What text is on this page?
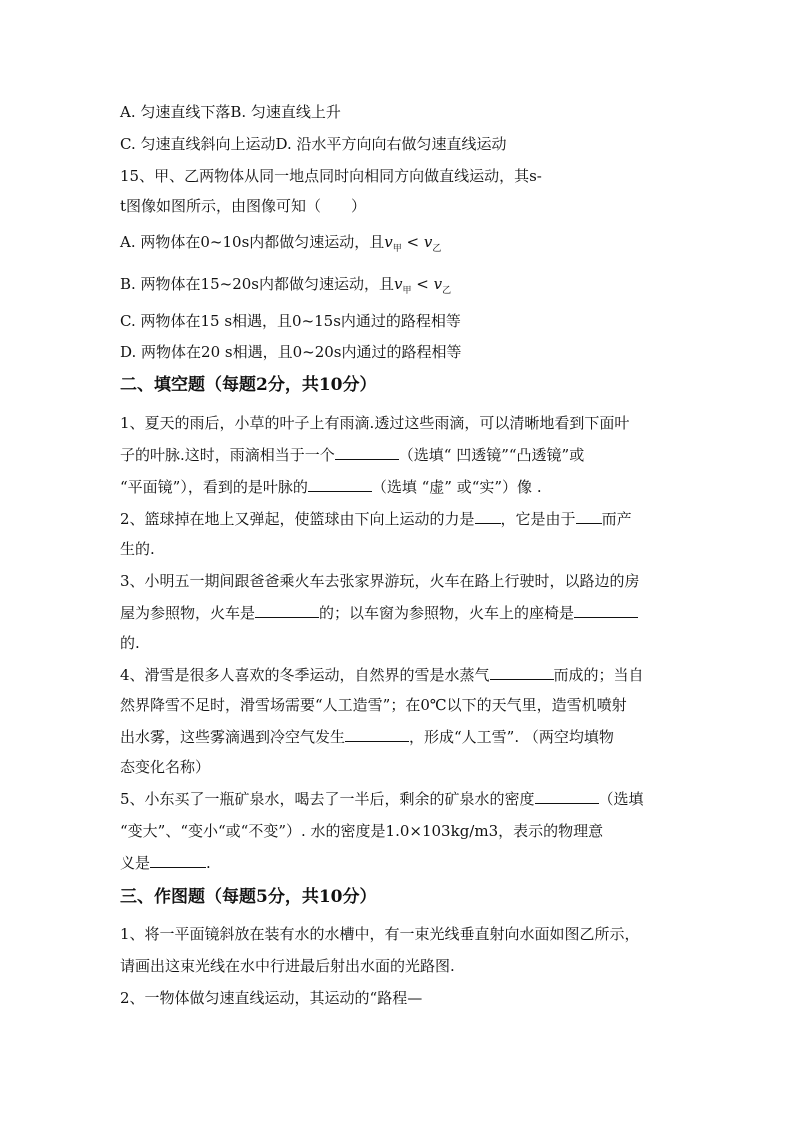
A. 匀速直线下落B. 匀速直线上升
C. 匀速直线斜向上运动D. 沿水平方向向右做匀速直线运动
15、甲、乙两物体从同一地点同时向相同方向做直线运动，其s-
t图像如图所示，由图像可知（　　）
A. 两物体在0~10s内都做匀速运动，且$v_甲 < v_乙$
B. 两物体在15~20s内都做匀速运动，且$v_甲 < v_乙$
C. 两物体在15 s相遇，且0~15s内通过的路程相等
D. 两物体在20 s相遇，且0~20s内通过的路程相等
二、填空题（每题2分，共10分）
1、夏天的雨后，小草的叶子上有雨滴.透过这些雨滴，可以清晰地看到下面叶
子的叶脉.这时，雨滴相当于一个	（选填“ 凹透镜”“凸透镜”或
“平面镜”），看到的是叶脉的	（选填 “虚” 或“实”）像 .
2、篮球掉在地上又弹起，使篮球由下向上运动的力是 ，它是由于 而产
生的.
3、小明五一期间跟爸爸乘火车去张家界游玩，火车在路上行驶时，以路边的房
屋为参照物，火车是	的；以车窗为参照物，火车上的座椅是
的.
4、滑雪是很多人喜欢的冬季运动，自然界的雪是水蒸气	而成的；当自
然界降雪不足时，滑雪场需要“人工造雪”；在0℃以下的天气里，造雪机喷射
出水雾，这些雾滴遇到冷空气发生	，形成“人工雪”. （两空均填物
态变化名称）
5、小东买了一瓶矿泉水，喝去了一半后，剩余的矿泉水的密度	（选填
“变大”、“变小“或“不变”）. 水的密度是1.0×103kg/m3，表示的物理意
义是	.
三、作图题（每题5分，共10分）
1、将一平面镜斜放在装有水的水槽中，有一束光线垂直射向水面如图乙所示，
请画出这束光线在水中行进最后射出水面的光路图.
2、一物体做匀速直线运动，其运动的“路程—
